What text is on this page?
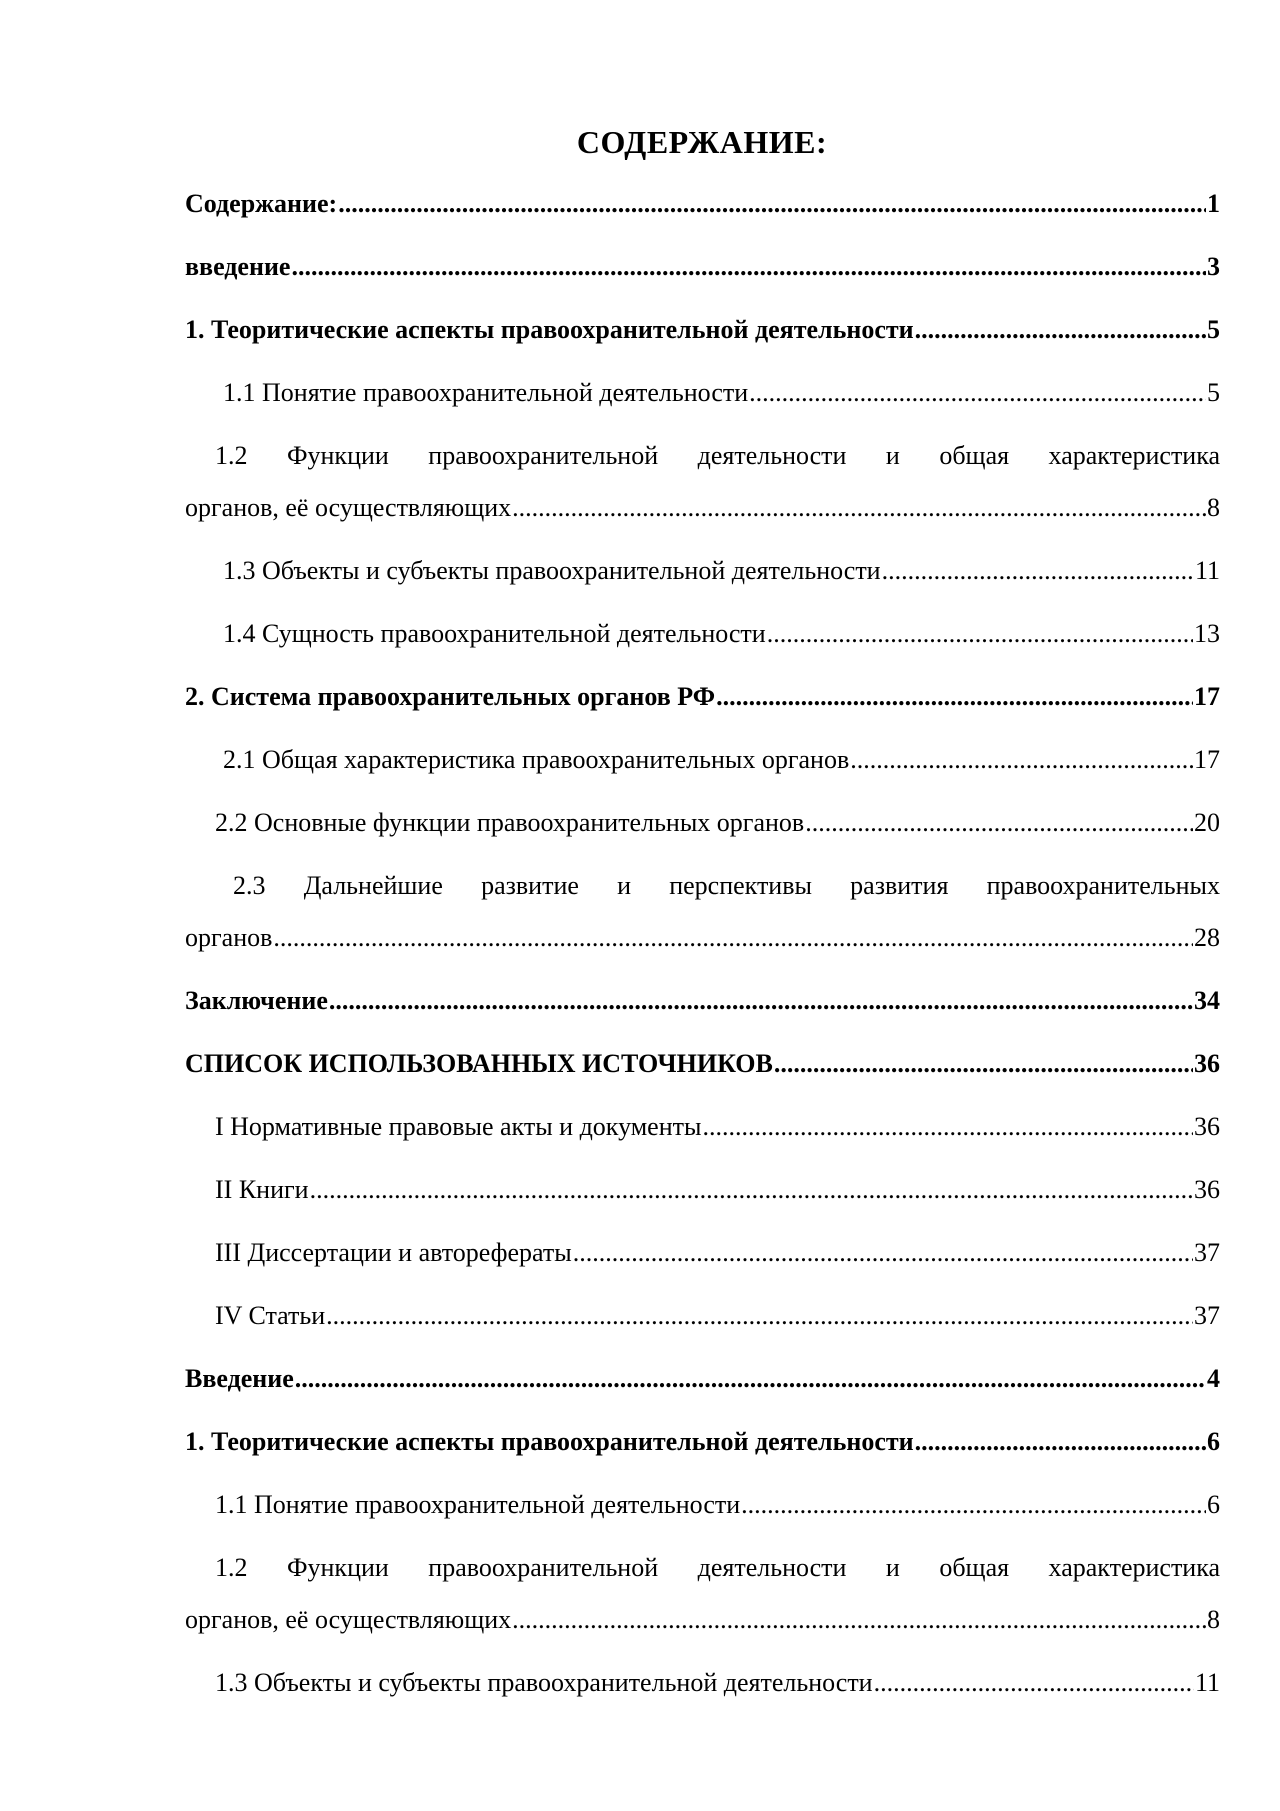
СОДЕРЖАНИЕ:
Содержание: .....	1
введение .....	3
1. Теоритические аспекты правоохранительной деятельности .....	5
1.1 Понятие правоохранительной деятельности .....	5
1.2 Функции правоохранительной деятельности и общая характеристика
органов, её осуществляющих .....	8
1.3 Объекты и субъекты правоохранительной деятельности .....	11
1.4 Сущность правоохранительной деятельности .....	13
2. Система правоохранительных органов РФ .....	17
2.1 Общая характеристика правоохранительных органов .....	17
2.2 Основные функции правоохранительных органов .....	20
2.3 Дальнейшие развитие и перспективы развития правоохранительных
органов .....	28
Заключение .....	34
СПИСОК ИСПОЛЬЗОВАННЫХ ИСТОЧНИКОВ .....	36
I Нормативные правовые акты и документы .....	36
II Книги .....	36
III Диссертации и авторефераты .....	37
IV Статьи .....	37
Введение .....	4
1. Теоритические аспекты правоохранительной деятельности .....	6
1.1 Понятие правоохранительной деятельности .....	6
1.2 Функции правоохранительной деятельности и общая характеристика
органов, её осуществляющих .....	8
1.3 Объекты и субъекты правоохранительной деятельности .....	11
